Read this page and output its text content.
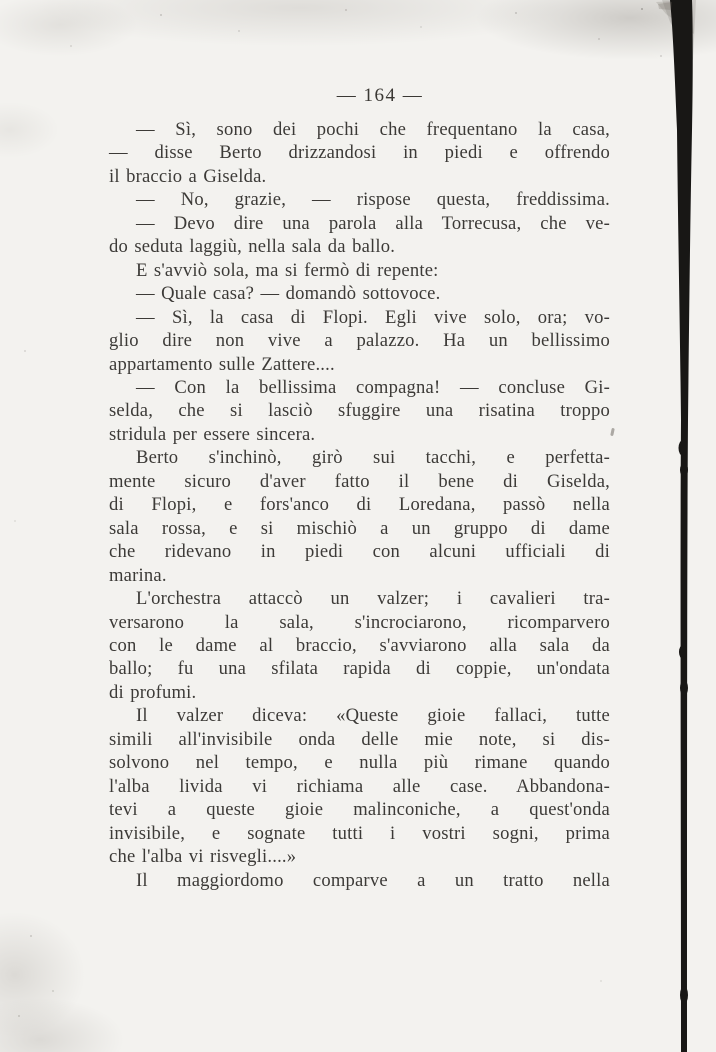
— 164 —
— Sì, sono dei pochi che frequentano la casa,
— disse Berto drizzandosi in piedi e offrendo
il braccio a Giselda.
— No, grazie, — rispose questa, freddissima.
— Devo dire una parola alla Torrecusa, che ve-
do seduta laggiù, nella sala da ballo.
E s'avviò sola, ma si fermò di repente:
— Quale casa? — domandò sottovoce.
— Sì, la casa di Flopi. Egli vive solo, ora; vo-
glio dire non vive a palazzo. Ha un bellissimo
appartamento sulle Zattere....
— Con la bellissima compagna! — concluse Gi-
selda, che si lasciò sfuggire una risatina troppo
stridula per essere sincera.
Berto s'inchinò, girò sui tacchi, e perfetta-
mente sicuro d'aver fatto il bene di Giselda,
di Flopi, e fors'anco di Loredana, passò nella
sala rossa, e si mischiò a un gruppo di dame
che ridevano in piedi con alcuni ufficiali di
marina.
L'orchestra attaccò un valzer; i cavalieri tra-
versarono la sala, s'incrociarono, ricomparvero
con le dame al braccio, s'avviarono alla sala da
ballo; fu una sfilata rapida di coppie, un'ondata
di profumi.
Il valzer diceva: «Queste gioie fallaci, tutte
simili all'invisibile onda delle mie note, si dis-
solvono nel tempo, e nulla più rimane quando
l'alba livida vi richiama alle case. Abbandona-
tevi a queste gioie malinconiche, a quest'onda
invisibile, e sognate tutti i vostri sogni, prima
che l'alba vi risvegli....»
Il maggiordomo comparve a un tratto nella
